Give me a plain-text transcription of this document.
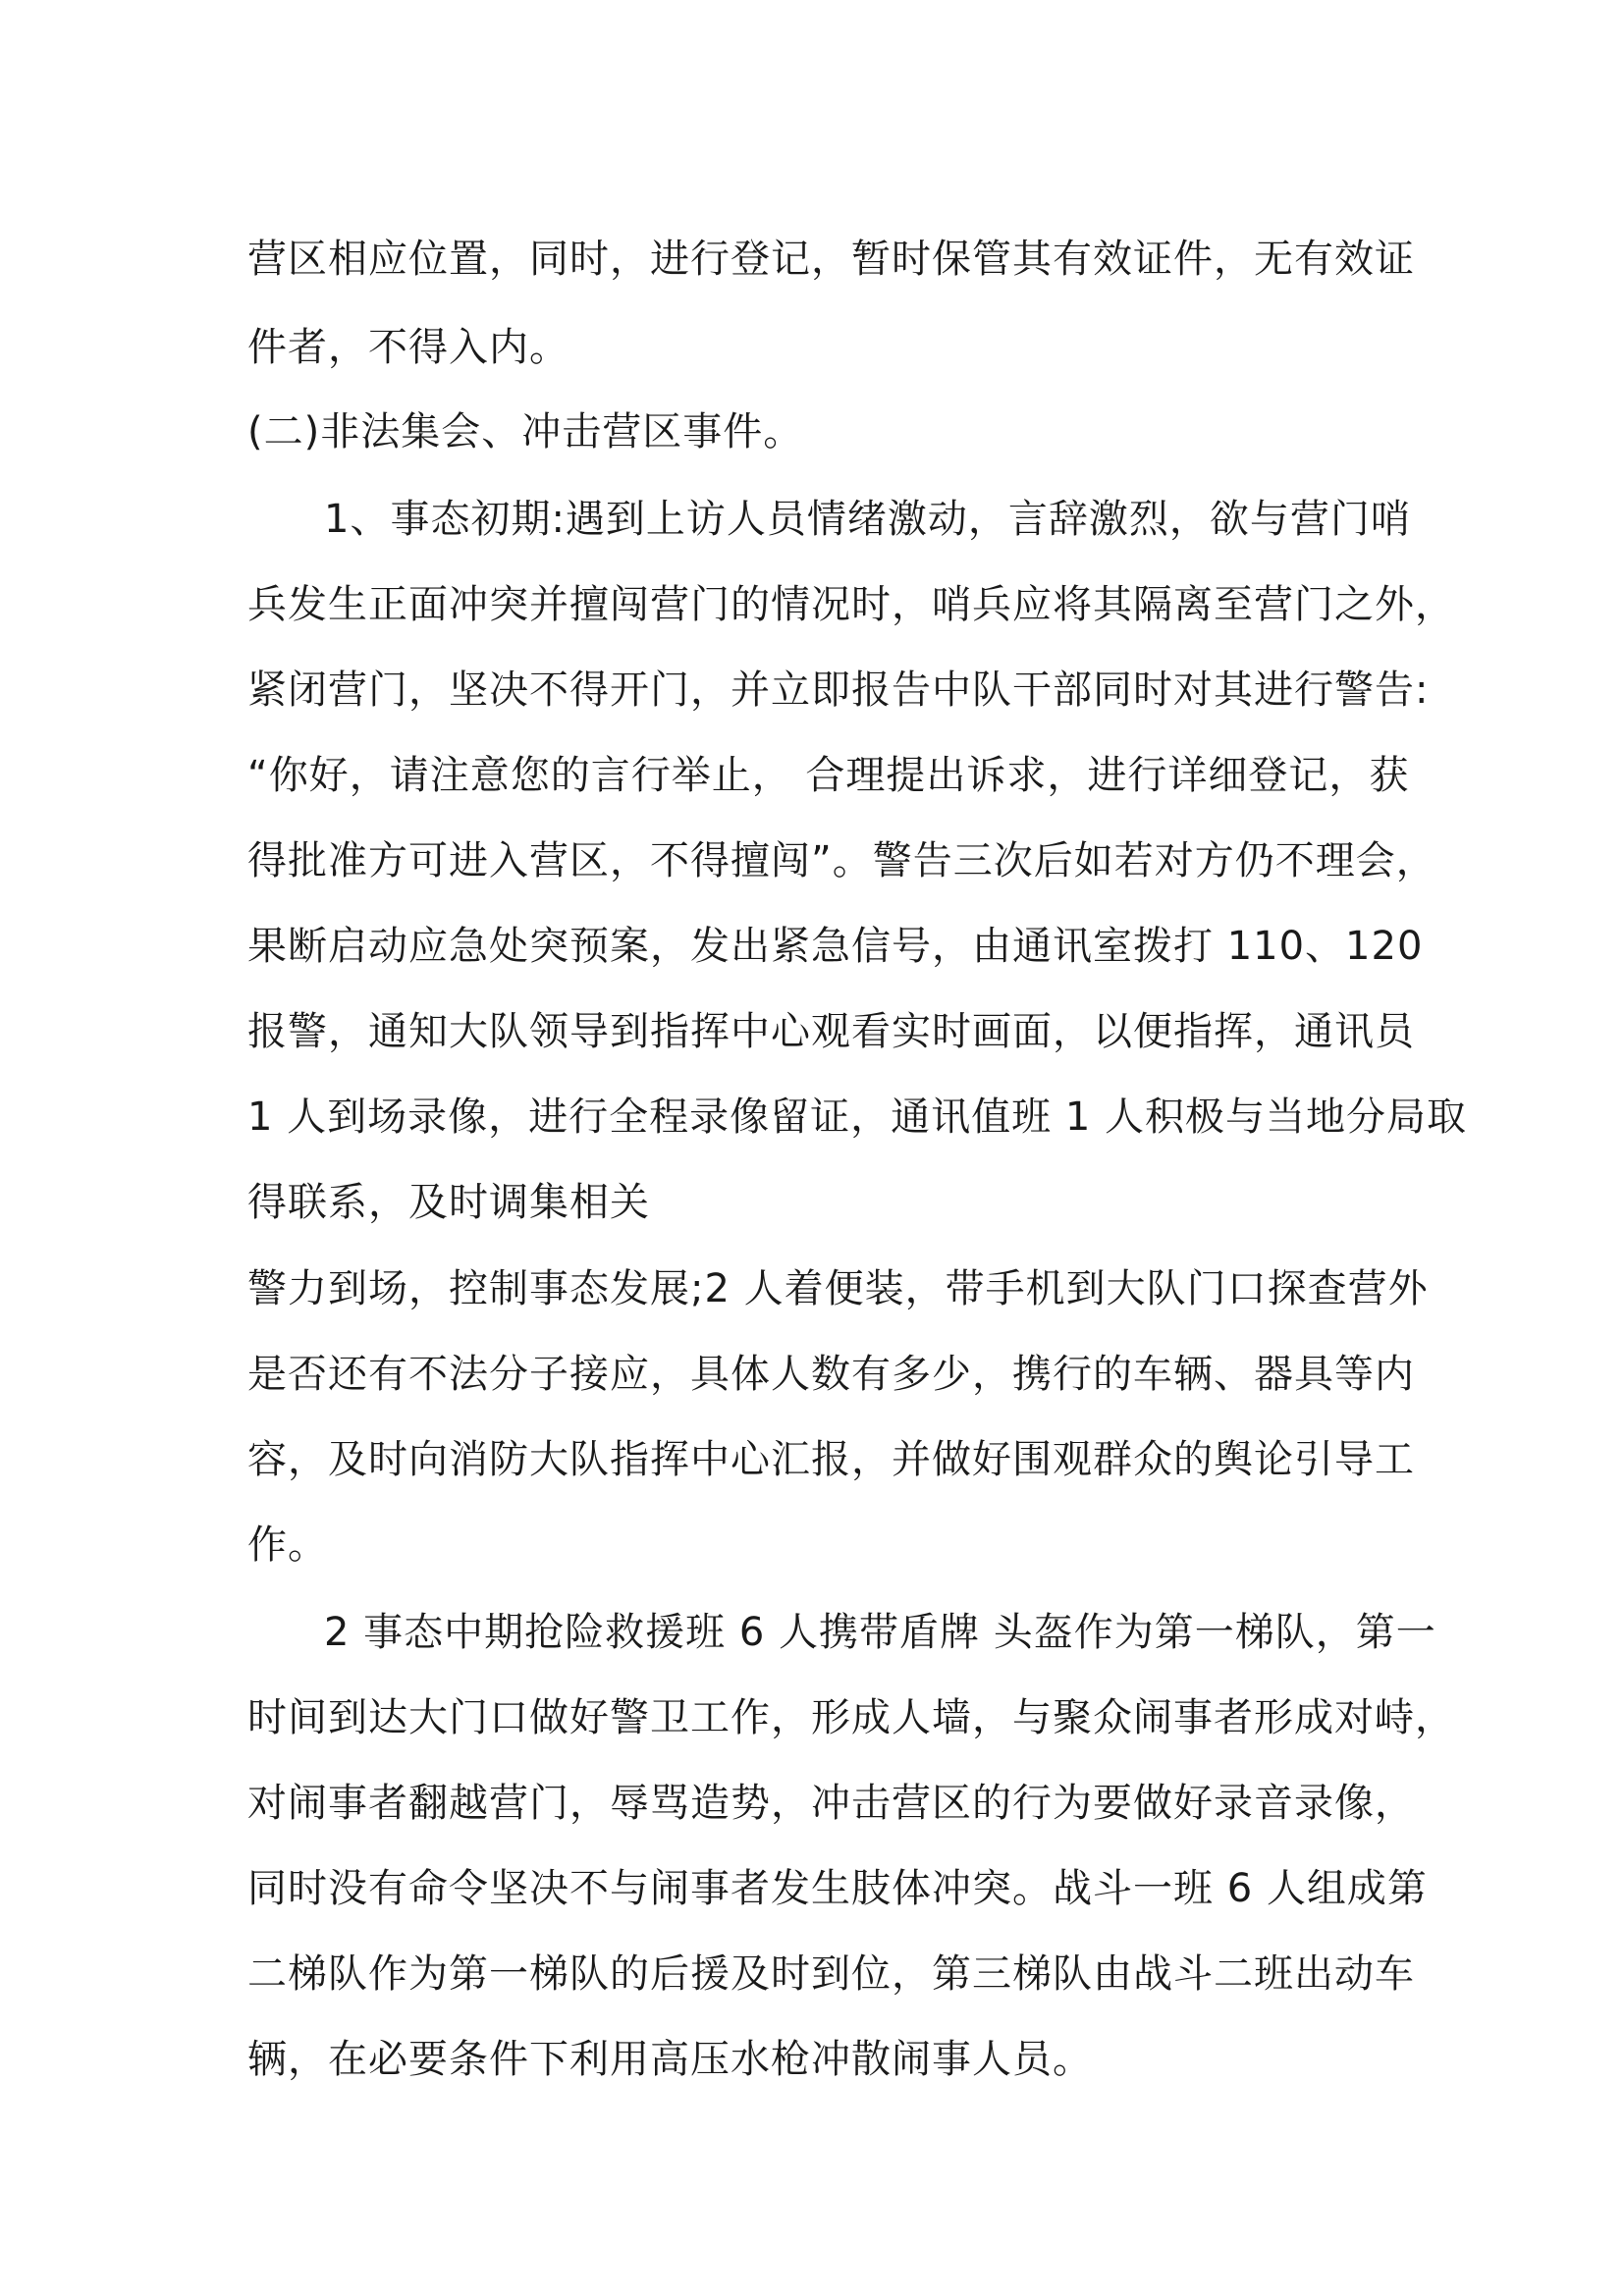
营区相应位置，同时，进行登记，暂时保管其有效证件，无有效证
件者，不得入内。
(二)非法集会、冲击营区事件。
1、事态初期:遇到上访人员情绪激动，言辞激烈，欲与营门哨
兵发生正面冲突并擅闯营门的情况时，哨兵应将其隔离至营门之外，
紧闭营门，坚决不得开门，并立即报告中队干部同时对其进行警告:
“你好，请注意您的言行举止， 合理提出诉求，进行详细登记，获
得批准方可进入营区，不得擅闯”。警告三次后如若对方仍不理会，
果断启动应急处突预案，发出紧急信号，由通讯室拨打 110、120
报警，通知大队领导到指挥中心观看实时画面，以便指挥，通讯员
1 人到场录像，进行全程录像留证，通讯值班 1 人积极与当地分局取
得联系，及时调集相关
警力到场，控制事态发展;2 人着便装，带手机到大队门口探查营外
是否还有不法分子接应，具体人数有多少，携行的车辆、器具等内
容，及时向消防大队指挥中心汇报，并做好围观群众的舆论引导工
作。
2 事态中期抢险救援班 6 人携带盾牌 头盔作为第一梯队，第一
时间到达大门口做好警卫工作，形成人墙，与聚众闹事者形成对峙，
对闹事者翻越营门，辱骂造势，冲击营区的行为要做好录音录像，
同时没有命令坚决不与闹事者发生肢体冲突。战斗一班 6 人组成第
二梯队作为第一梯队的后援及时到位，第三梯队由战斗二班出动车
辆，在必要条件下利用高压水枪冲散闹事人员。
